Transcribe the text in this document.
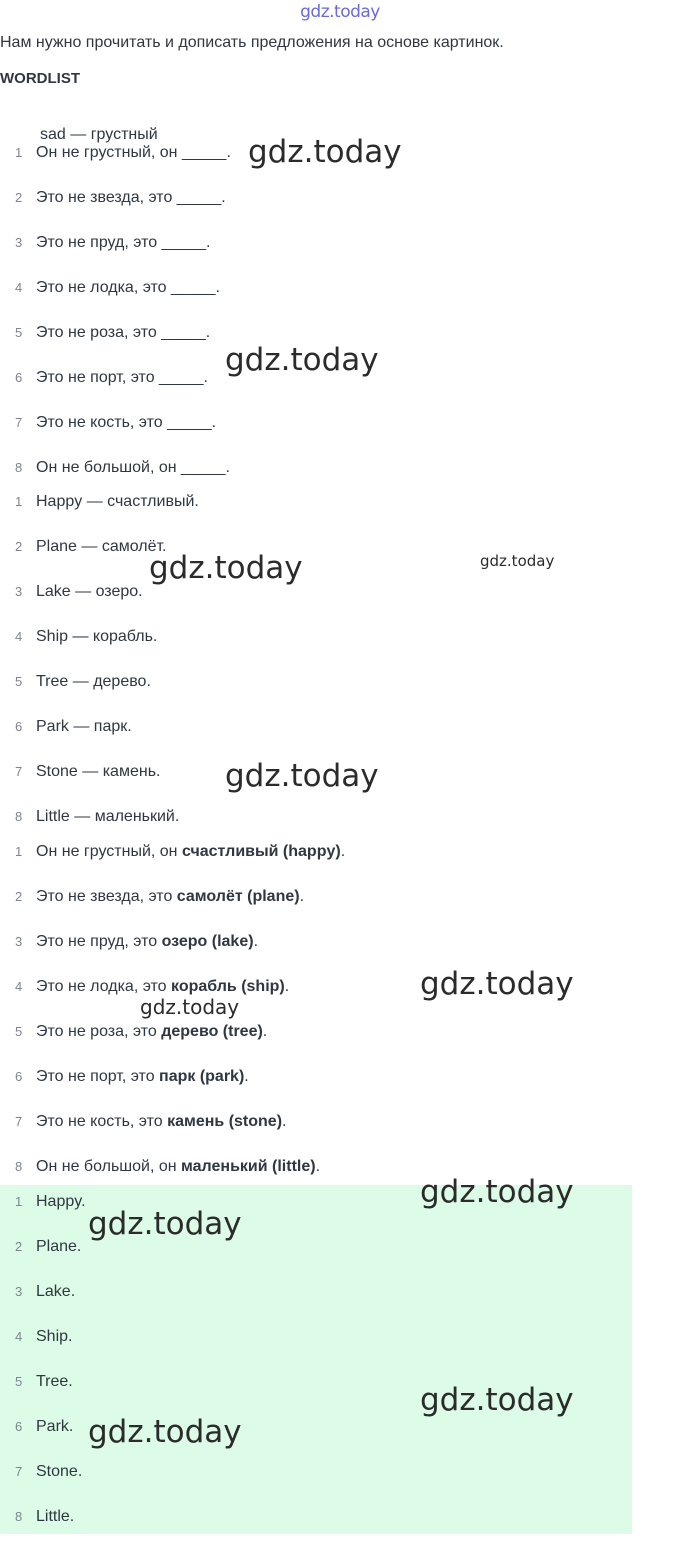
gdz.today
Нам нужно прочитать и дописать предложения на основе картинок.
WORDLIST
sad — грустный
1 Он не грустный, он _____.
2 Это не звезда, это _____.
3 Это не пруд, это _____.
4 Это не лодка, это _____.
5 Это не роза, это _____.
6 Это не порт, это _____.
7 Это не кость, это _____.
8 Он не большой, он _____.
1 Happy — счастливый.
2 Plane — самолёт.
3 Lake — озеро.
4 Ship — корабль.
5 Tree — дерево.
6 Park — парк.
7 Stone — камень.
8 Little — маленький.
1 Он не грустный, он счастливый (happy).
2 Это не звезда, это самолёт (plane).
3 Это не пруд, это озеро (lake).
4 Это не лодка, это корабль (ship).
5 Это не роза, это дерево (tree).
6 Это не порт, это парк (park).
7 Это не кость, это камень (stone).
8 Он не большой, он маленький (little).
1 Happy.
2 Plane.
3 Lake.
4 Ship.
5 Tree.
6 Park.
7 Stone.
8 Little.
gdz.today
gdz.today
gdz.today	gdz.today
gdz.today
gdz.today
gdz.today
gdz.today
gdz.today
gdz.today
gdz.today
